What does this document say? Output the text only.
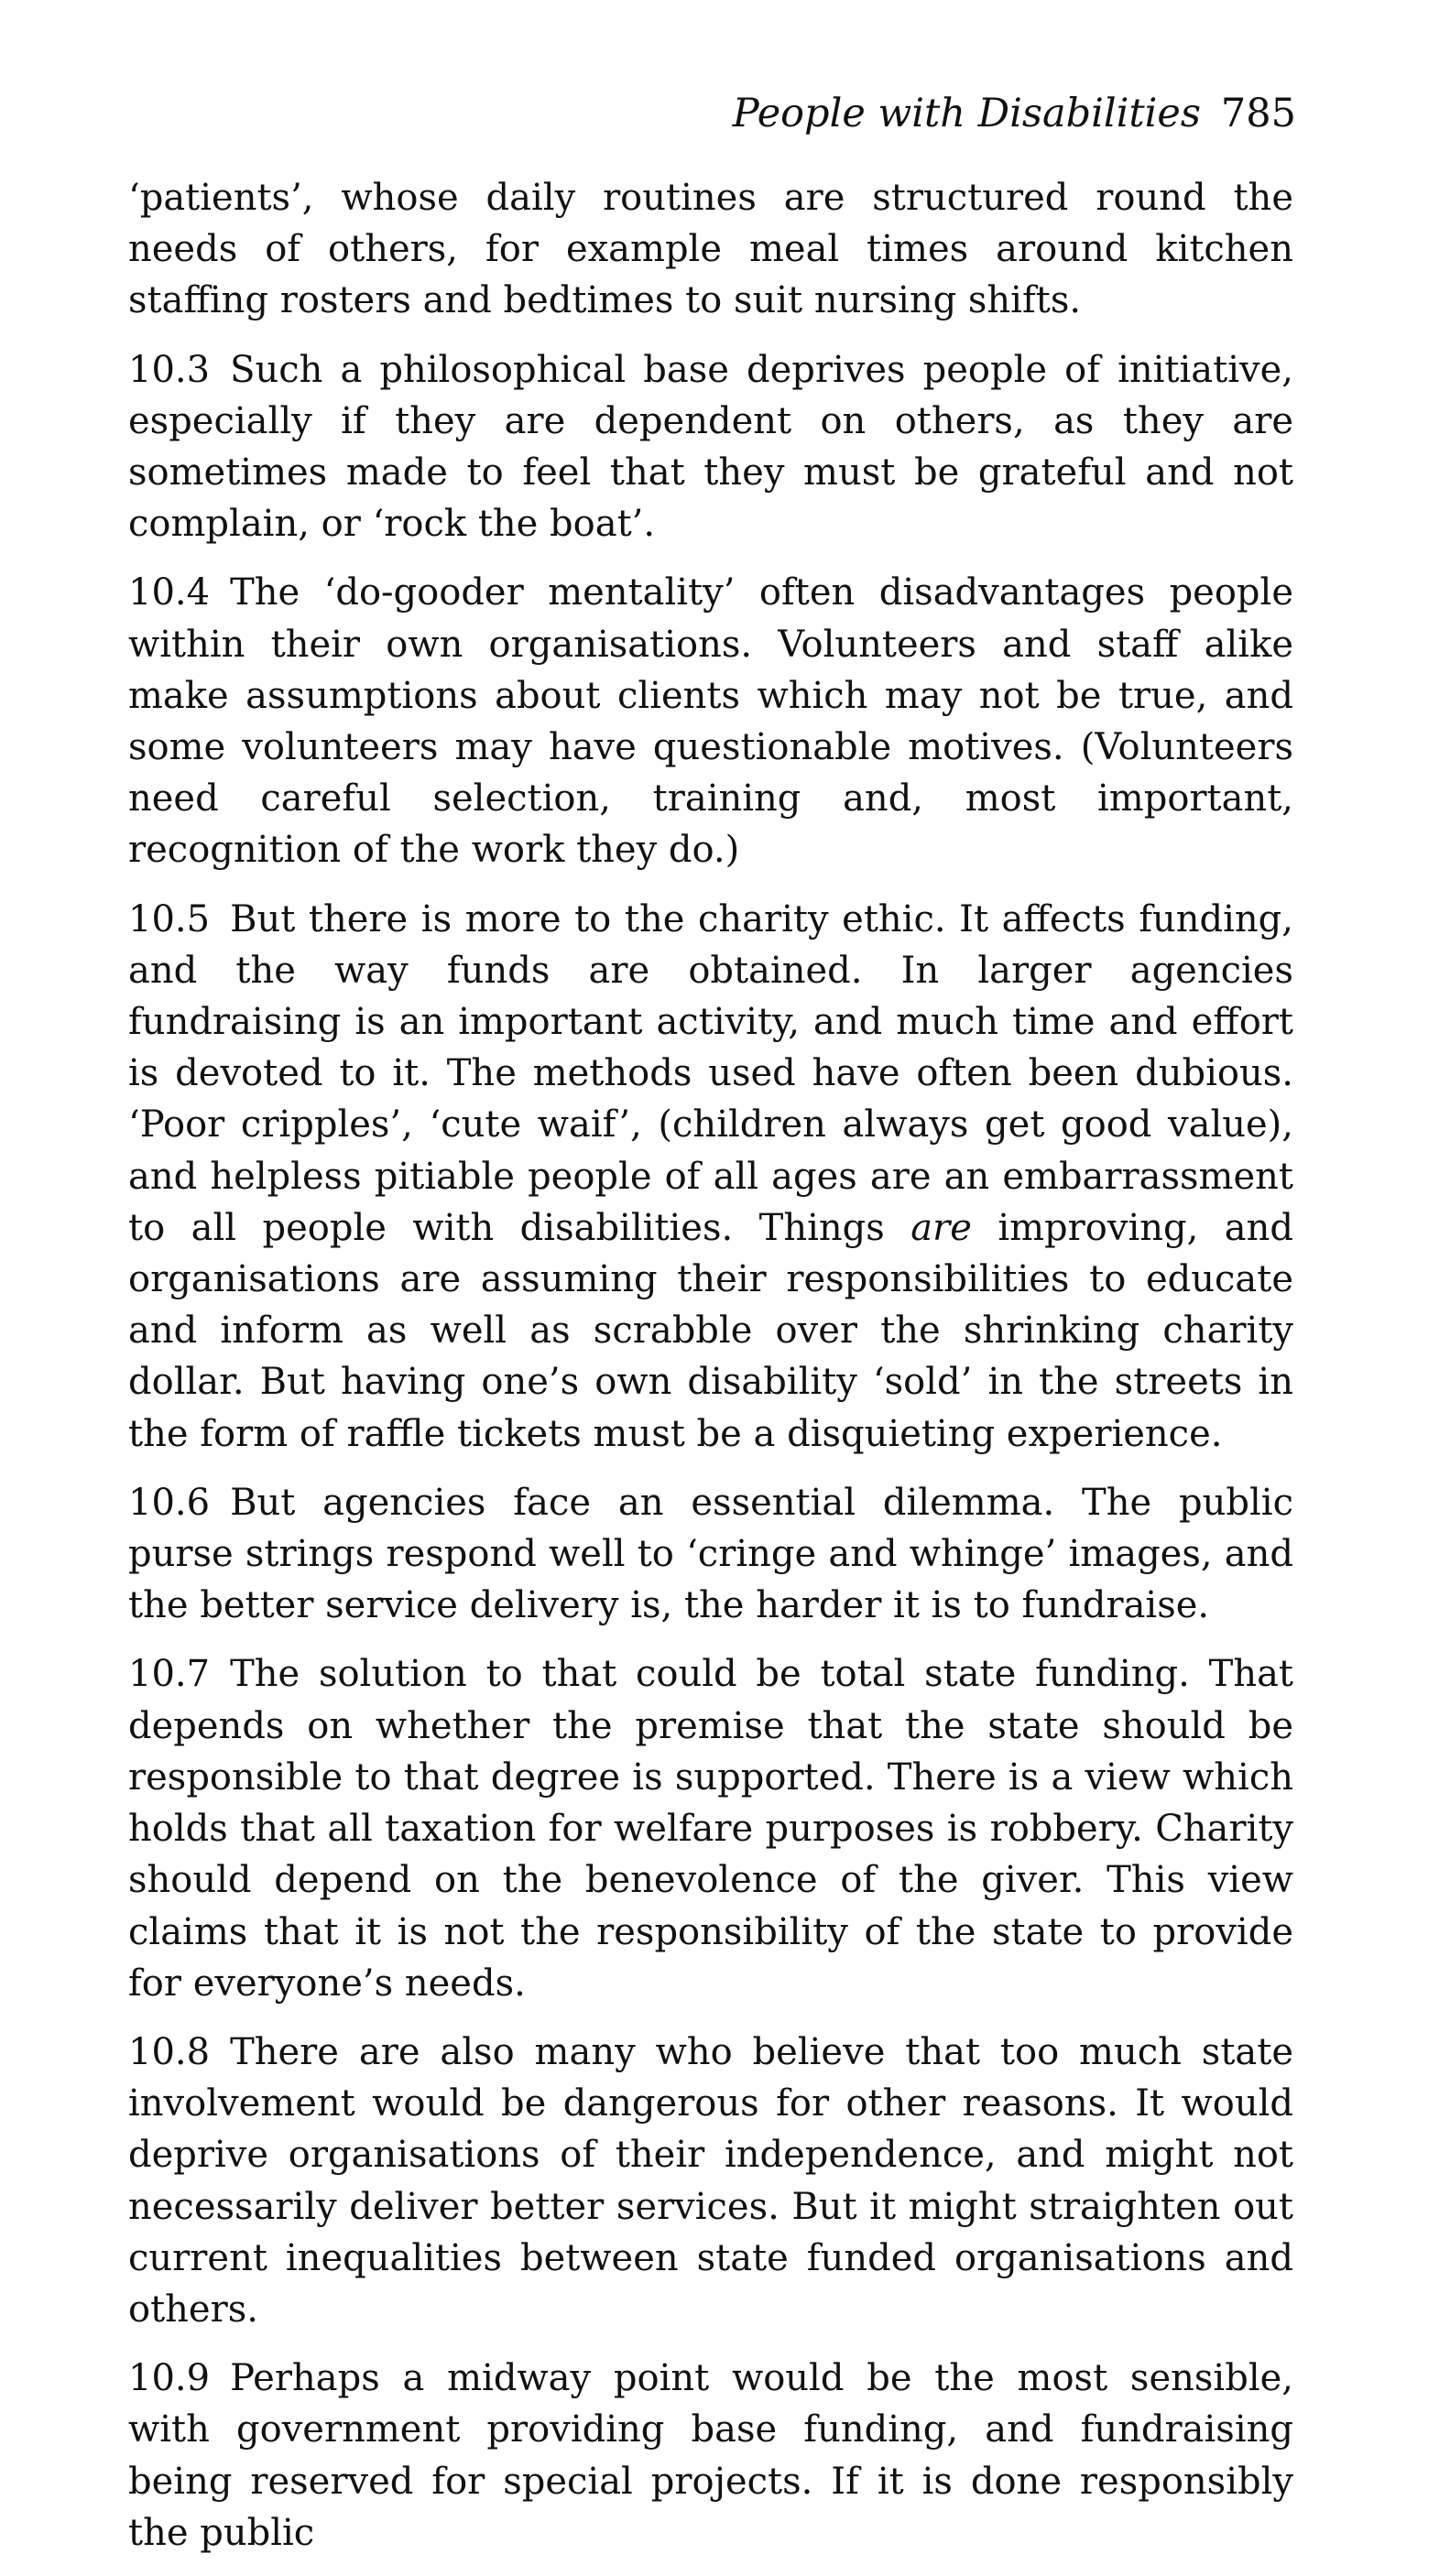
People with Disabilities 785

‘patients’, whose daily routines are structured round the needs of others, for example meal times around kitchen staffing rosters and bedtimes to suit nursing shifts.

10.3 Such a philosophical base deprives people of initiative, especially if they are dependent on others, as they are sometimes made to feel that they must be grateful and not complain, or ‘rock the boat’.

10.4 The ‘do-gooder mentality’ often disadvantages people within their own organisations. Volunteers and staff alike make assumptions about clients which may not be true, and some volunteers may have questionable motives. (Volunteers need careful selection, training and, most important, recognition of the work they do.)

10.5 But there is more to the charity ethic. It affects funding, and the way funds are obtained. In larger agencies fundraising is an important activity, and much time and effort is devoted to it. The methods used have often been dubious. ‘Poor cripples’, ‘cute waif’, (children always get good value), and helpless pitiable people of all ages are an embarrassment to all people with disabilities. Things are improving, and organisations are assuming their responsibilities to educate and inform as well as scrabble over the shrinking charity dollar. But having one’s own disability ‘sold’ in the streets in the form of raffle tickets must be a disquieting experience.

10.6 But agencies face an essential dilemma. The public purse strings respond well to ‘cringe and whinge’ images, and the better service delivery is, the harder it is to fundraise.

10.7 The solution to that could be total state funding. That depends on whether the premise that the state should be responsible to that degree is supported. There is a view which holds that all taxation for welfare purposes is robbery. Charity should depend on the benevolence of the giver. This view claims that it is not the responsibility of the state to provide for everyone’s needs.

10.8 There are also many who believe that too much state involvement would be dangerous for other reasons. It would deprive organisations of their independence, and might not necessarily deliver better services. But it might straighten out current inequalities between state funded organisations and others.

10.9 Perhaps a midway point would be the most sensible, with government providing base funding, and fundraising being reserved for special projects. If it is done responsibly the public
